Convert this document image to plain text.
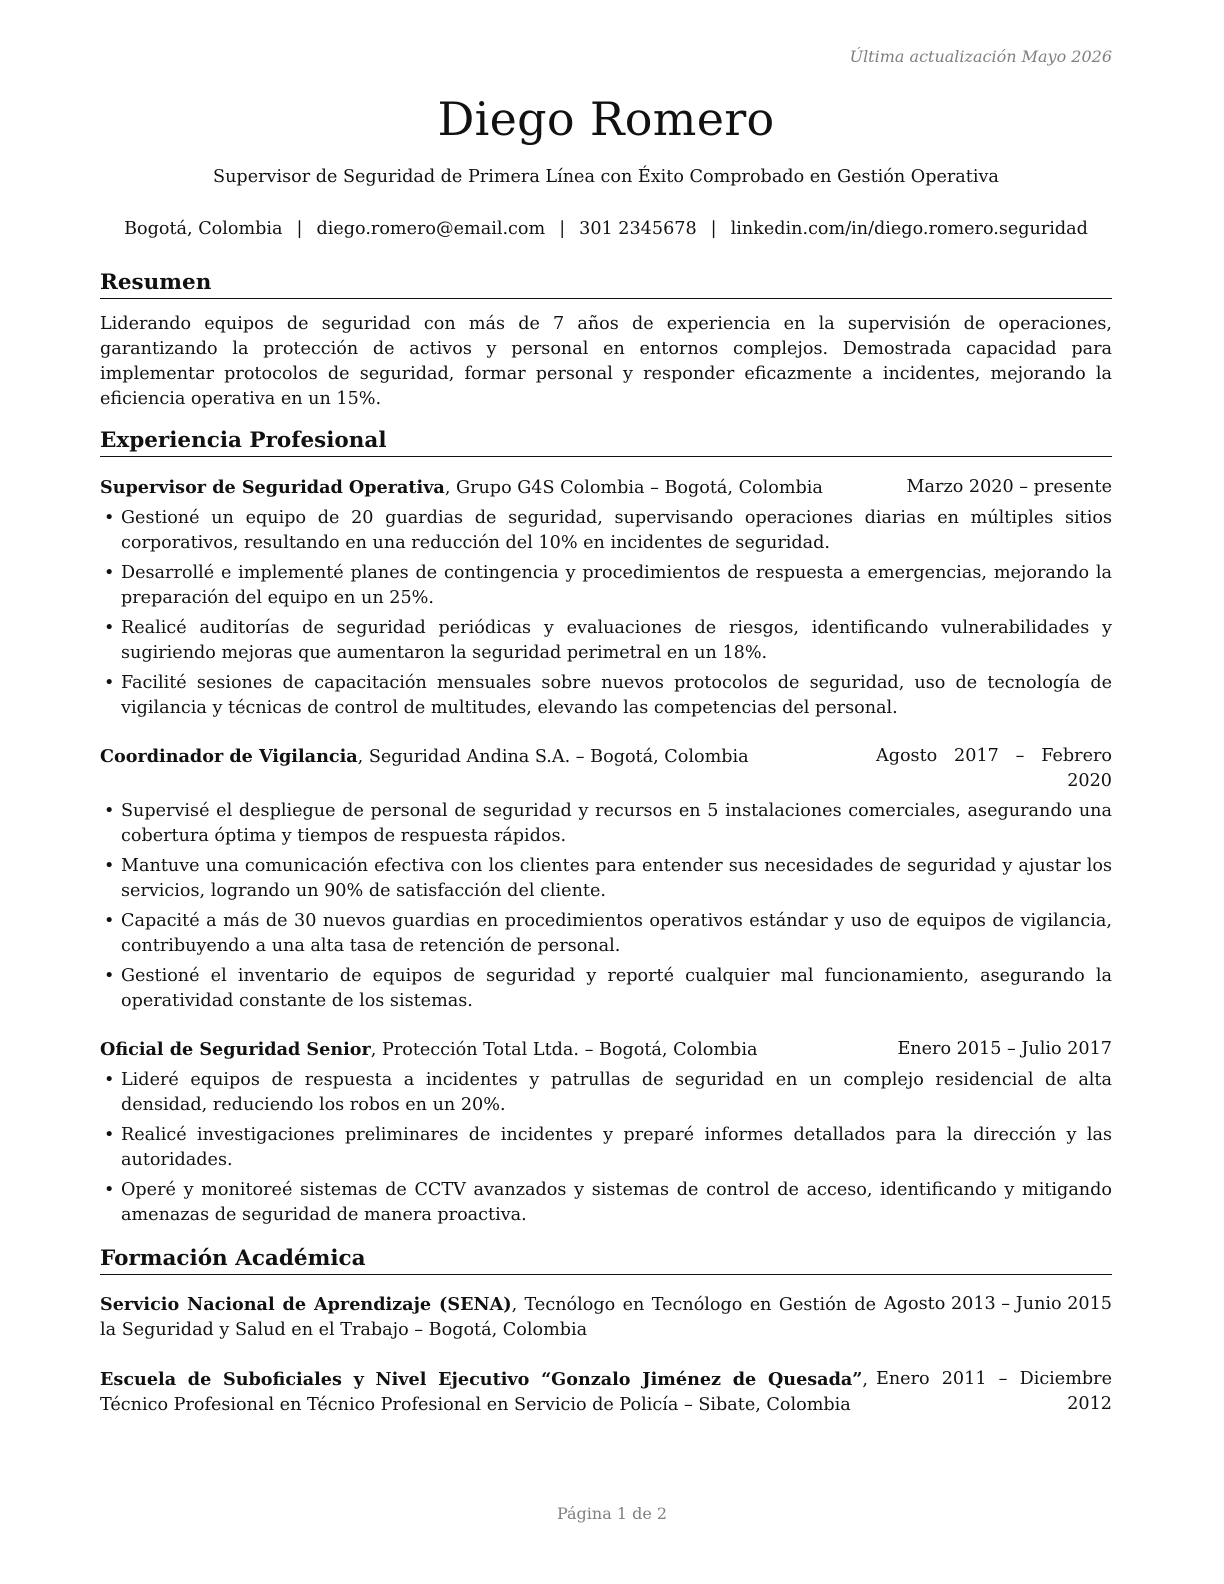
Última actualización Mayo 2026
Diego Romero
Supervisor de Seguridad de Primera Línea con Éxito Comprobado en Gestión Operativa
Bogotá, Colombia | diego.romero@email.com | 301 2345678 | linkedin.com/in/diego.romero.seguridad
Resumen
Liderando equipos de seguridad con más de 7 años de experiencia en la supervisión de operaciones, garantizando la protección de activos y personal en entornos complejos. Demostrada capacidad para implementar protocolos de seguridad, formar personal y responder eficazmente a incidentes, mejorando la eficiencia operativa en un 15%.
Experiencia Profesional
Supervisor de Seguridad Operativa, Grupo G4S Colombia – Bogotá, Colombia	Marzo 2020 – presente
• Gestioné un equipo de 20 guardias de seguridad, supervisando operaciones diarias en múltiples sitios corporativos, resultando en una reducción del 10% en incidentes de seguridad.
• Desarrollé e implementé planes de contingencia y procedimientos de respuesta a emergencias, mejorando la preparación del equipo en un 25%.
• Realicé auditorías de seguridad periódicas y evaluaciones de riesgos, identificando vulnerabilidades y sugiriendo mejoras que aumentaron la seguridad perimetral en un 18%.
• Facilité sesiones de capacitación mensuales sobre nuevos protocolos de seguridad, uso de tecnología de vigilancia y técnicas de control de multitudes, elevando las competencias del personal.
Coordinador de Vigilancia, Seguridad Andina S.A. – Bogotá, Colombia	Agosto 2017 – Febrero
2020
• Supervisé el despliegue de personal de seguridad y recursos en 5 instalaciones comerciales, asegurando una cobertura óptima y tiempos de respuesta rápidos.
• Mantuve una comunicación efectiva con los clientes para entender sus necesidades de seguridad y ajustar los servicios, logrando un 90% de satisfacción del cliente.
• Capacité a más de 30 nuevos guardias en procedimientos operativos estándar y uso de equipos de vigilancia, contribuyendo a una alta tasa de retención de personal.
• Gestioné el inventario de equipos de seguridad y reporté cualquier mal funcionamiento, asegurando la operatividad constante de los sistemas.
Oficial de Seguridad Senior, Protección Total Ltda. – Bogotá, Colombia	Enero 2015 – Julio 2017
• Lideré equipos de respuesta a incidentes y patrullas de seguridad en un complejo residencial de alta densidad, reduciendo los robos en un 20%.
• Realicé investigaciones preliminares de incidentes y preparé informes detallados para la dirección y las autoridades.
• Operé y monitoreé sistemas de CCTV avanzados y sistemas de control de acceso, identificando y mitigando amenazas de seguridad de manera proactiva.
Formación Académica
Servicio Nacional de Aprendizaje (SENA), Tecnólogo en Tecnólogo en Gestión de la Seguridad y Salud en el Trabajo – Bogotá, Colombia
Agosto 2013 – Junio 2015
Escuela de Suboficiales y Nivel Ejecutivo “Gonzalo Jiménez de Quesada”, Técnico Profesional en Técnico Profesional en Servicio de Policía – Sibate, Colombia
Enero 2011 – Diciembre
2012
Página 1 de 2
